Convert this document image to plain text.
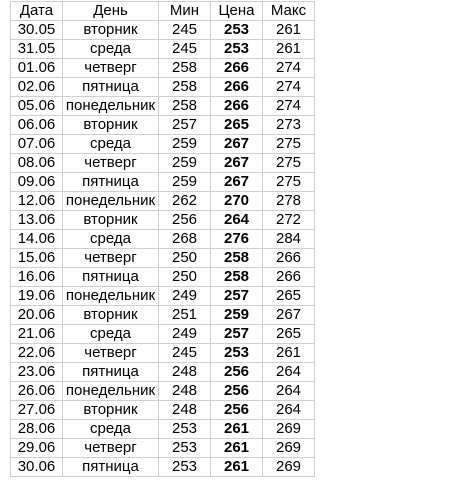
Дата	День	Мин	Цена	Макс
30.05	вторник	245	253	261
31.05	среда	245	253	261
01.06	четверг	258	266	274
02.06	пятница	258	266	274
05.06	понедельник	258	266	274
06.06	вторник	257	265	273
07.06	среда	259	267	275
08.06	четверг	259	267	275
09.06	пятница	259	267	275
12.06	понедельник	262	270	278
13.06	вторник	256	264	272
14.06	среда	268	276	284
15.06	четверг	250	258	266
16.06	пятница	250	258	266
19.06	понедельник	249	257	265
20.06	вторник	251	259	267
21.06	среда	249	257	265
22.06	четверг	245	253	261
23.06	пятница	248	256	264
26.06	понедельник	248	256	264
27.06	вторник	248	256	264
28.06	среда	253	261	269
29.06	четверг	253	261	269
30.06	пятница	253	261	269
